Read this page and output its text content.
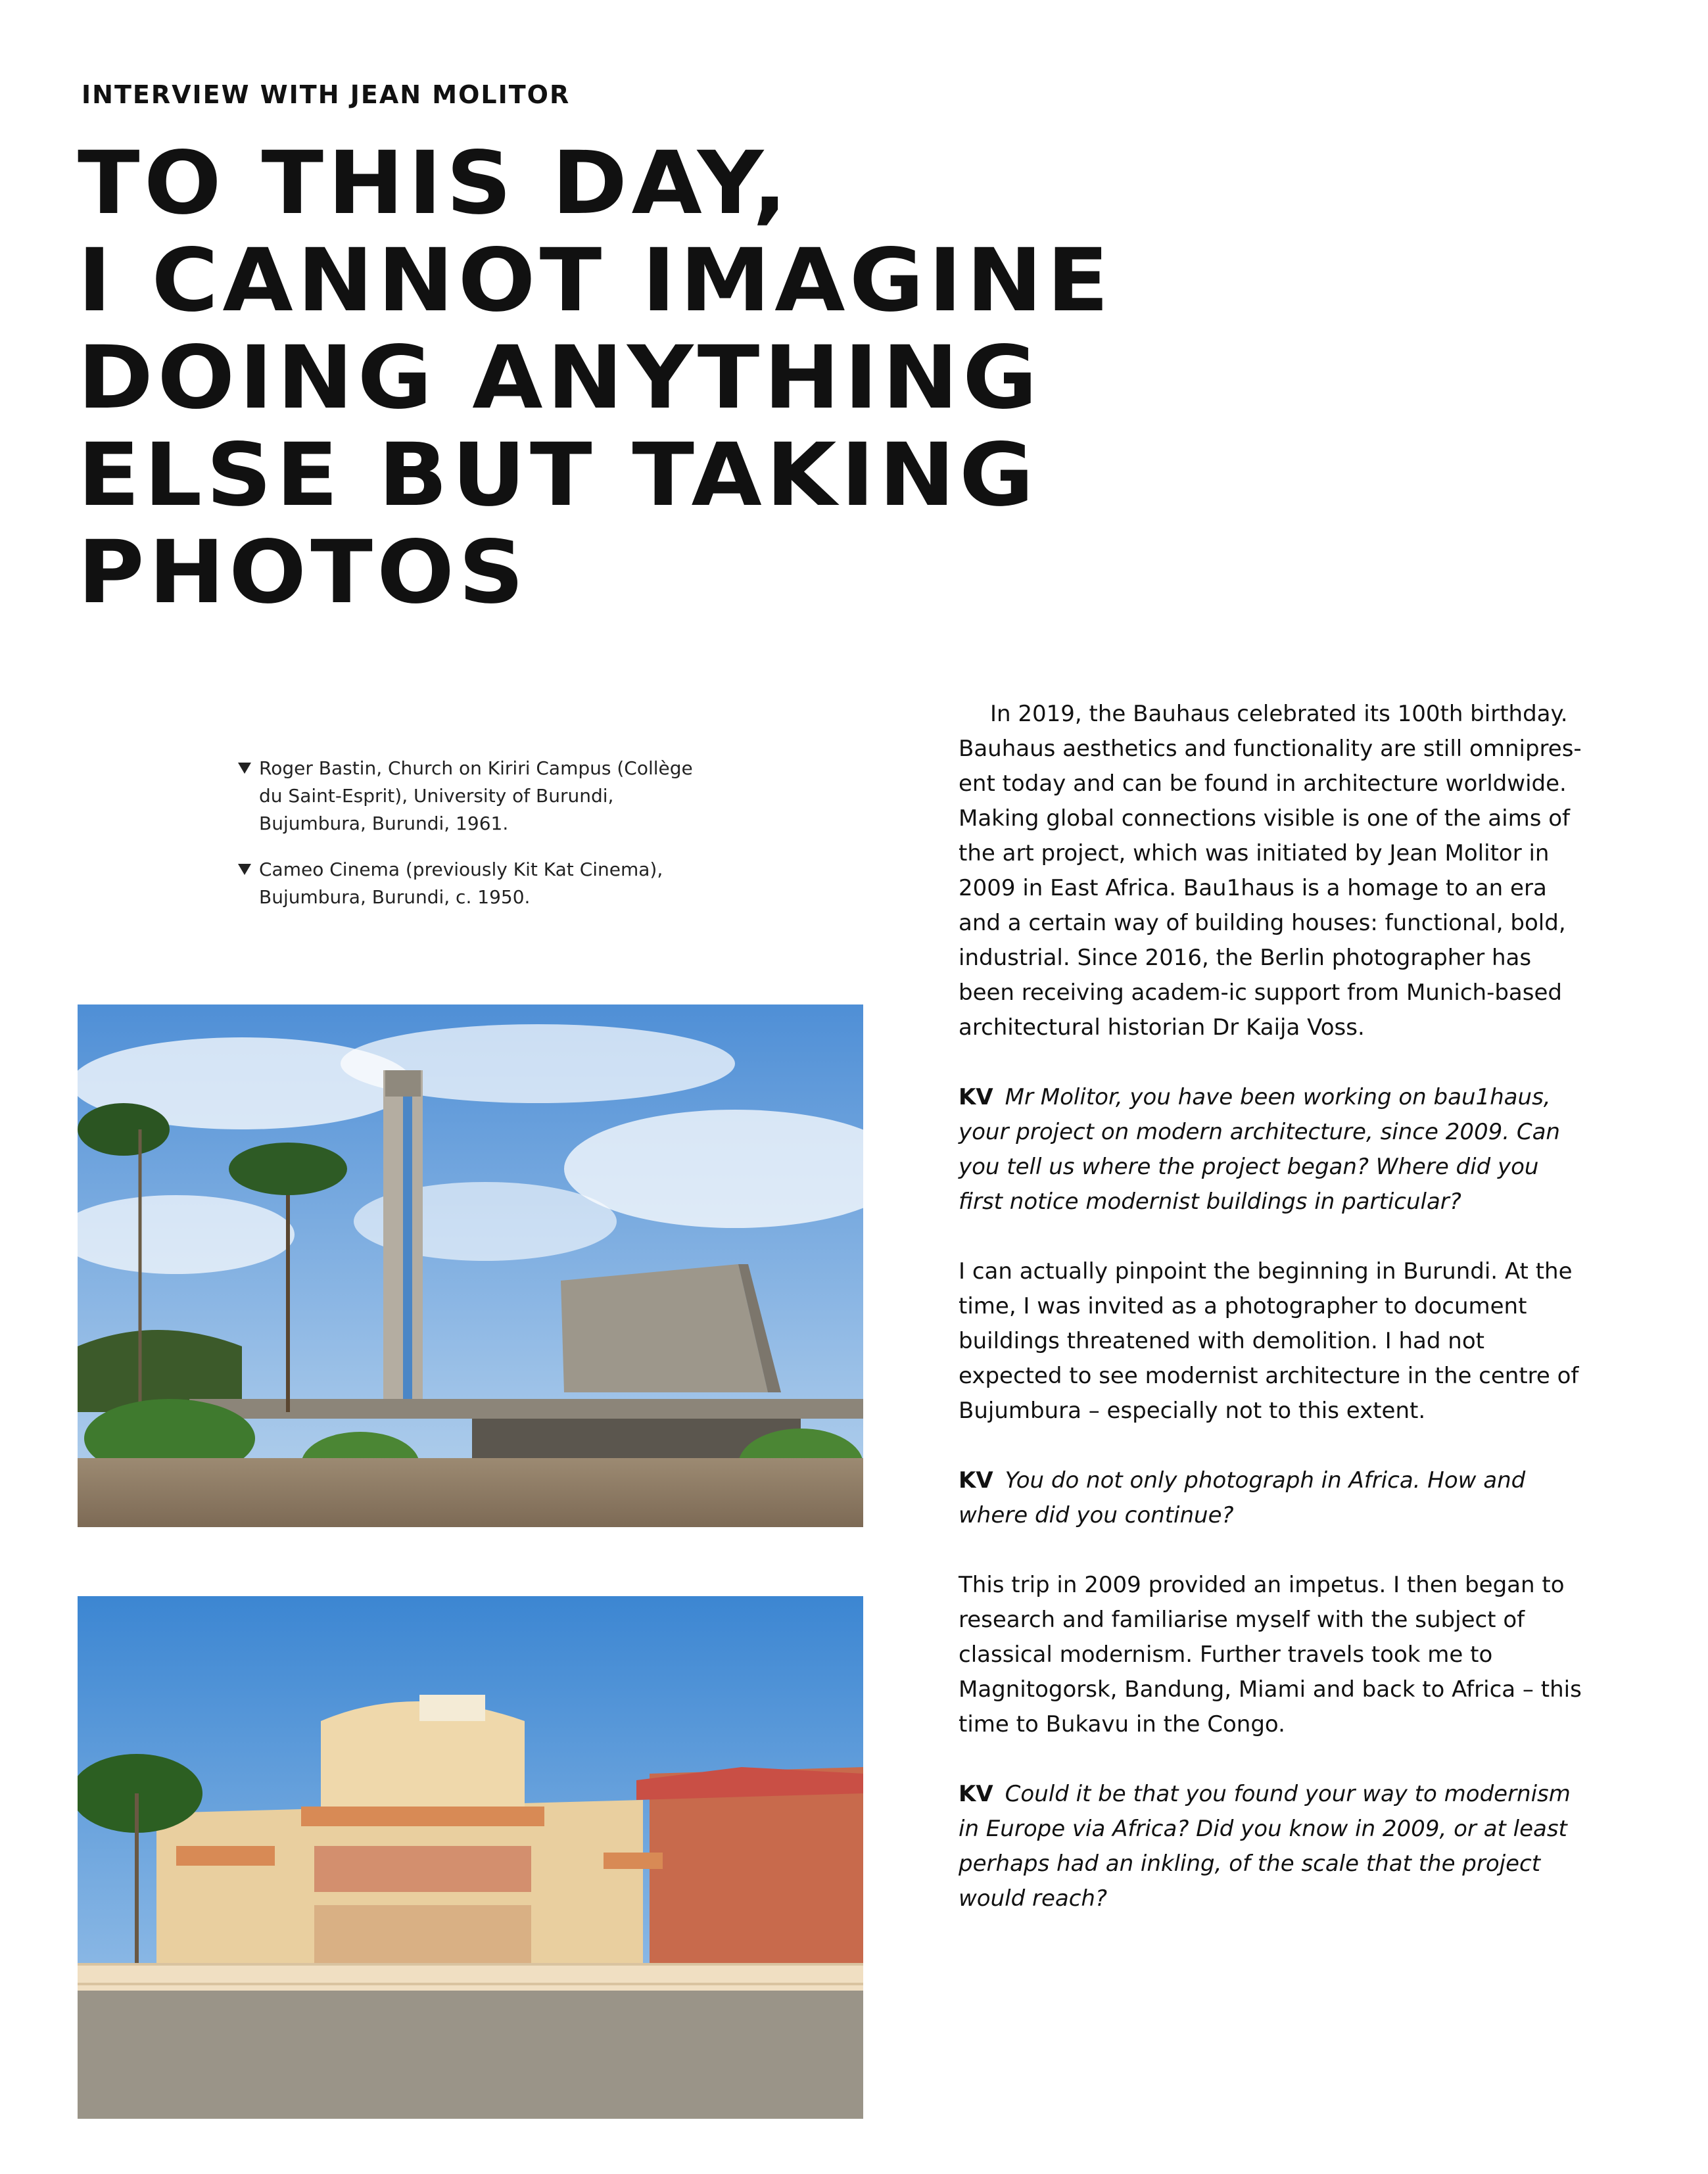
INTERVIEW WITH JEAN MOLITOR
TO THIS DAY,
I CANNOT IMAGINE
DOING ANYTHING
ELSE BUT TAKING
PHOTOS
Roger Bastin, Church on Kiriri Campus (Collège du Saint-Esprit), University of Burundi, Bujumbura, Burundi, 1961.
Cameo Cinema (previously Kit Kat Cinema), Bujumbura, Burundi, c. 1950.

In 2019, the Bauhaus celebrated its 100th birthday. Bauhaus aesthetics and functionality are still omnipres-ent today and can be found in architecture worldwide. Making global connections visible is one of the aims of the art project, which was initiated by Jean Molitor in 2009 in East Africa. Bau1haus is a homage to an era and a certain way of building houses: functional, bold, industrial. Since 2016, the Berlin photographer has been receiving academ-ic support from Munich-based architectural historian Dr Kaija Voss.

KV Mr Molitor, you have been working on bau1haus, your project on modern architecture, since 2009. Can you tell us where the project began? Where did you first notice modernist buildings in particular?

I can actually pinpoint the beginning in Burundi. At the time, I was invited as a photographer to document buildings threatened with demolition. I had not expected to see modernist architecture in the centre of Bujumbura – especially not to this extent.

KV You do not only photograph in Africa. How and where did you continue?

This trip in 2009 provided an impetus. I then began to research and familiarise myself with the subject of classical modernism. Further travels took me to Magnitogorsk, Bandung, Miami and back to Africa – this time to Bukavu in the Congo.

KV Could it be that you found your way to modernism in Europe via Africa? Did you know in 2009, or at least perhaps had an inkling, of the scale that the project would reach?
